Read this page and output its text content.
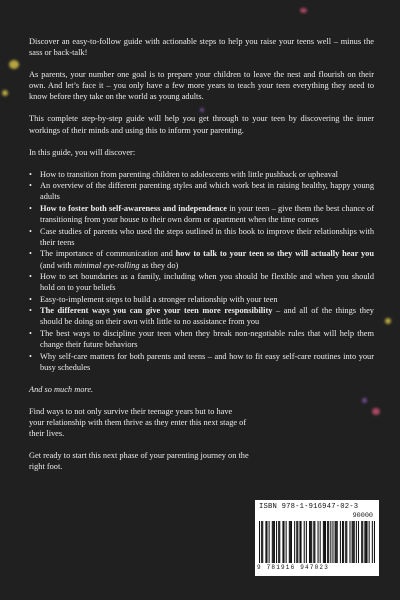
Discover an easy-to-follow guide with actionable steps to help you raise your teens well – minus the sass or back-talk!

As parents, your number one goal is to prepare your children to leave the nest and flourish on their own. And let’s face it – you only have a few more years to teach your teen everything they need to know before they take on the world as young adults.

This complete step-by-step guide will help you get through to your teen by discovering the inner workings of their minds and using this to inform your parenting.

In this guide, you will discover:

• How to transition from parenting children to adolescents with little pushback or upheaval
• An overview of the different parenting styles and which work best in raising healthy, happy young adults
• How to foster both self-awareness and independence in your teen – give them the best chance of transitioning from your house to their own dorm or apartment when the time comes
• Case studies of parents who used the steps outlined in this book to improve their relationships with their teens
• The importance of communication and how to talk to your teen so they will actually hear you (and with minimal eye-rolling as they do)
• How to set boundaries as a family, including when you should be flexible and when you should hold on to your beliefs
• Easy-to-implement steps to build a stronger relationship with your teen
• The different ways you can give your teen more responsibility – and all of the things they should be doing on their own with little to no assistance from you
• The best ways to discipline your teen when they break non-negotiable rules that will help them change their future behaviors
• Why self-care matters for both parents and teens – and how to fit easy self-care routines into your busy schedules

And so much more.

Find ways to not only survive their teenage years but to have your relationship with them thrive as they enter this next stage of their lives.

Get ready to start this next phase of your parenting journey on the right foot.

ISBN 978-1-916947-02-3
90000
9 781916 947023
